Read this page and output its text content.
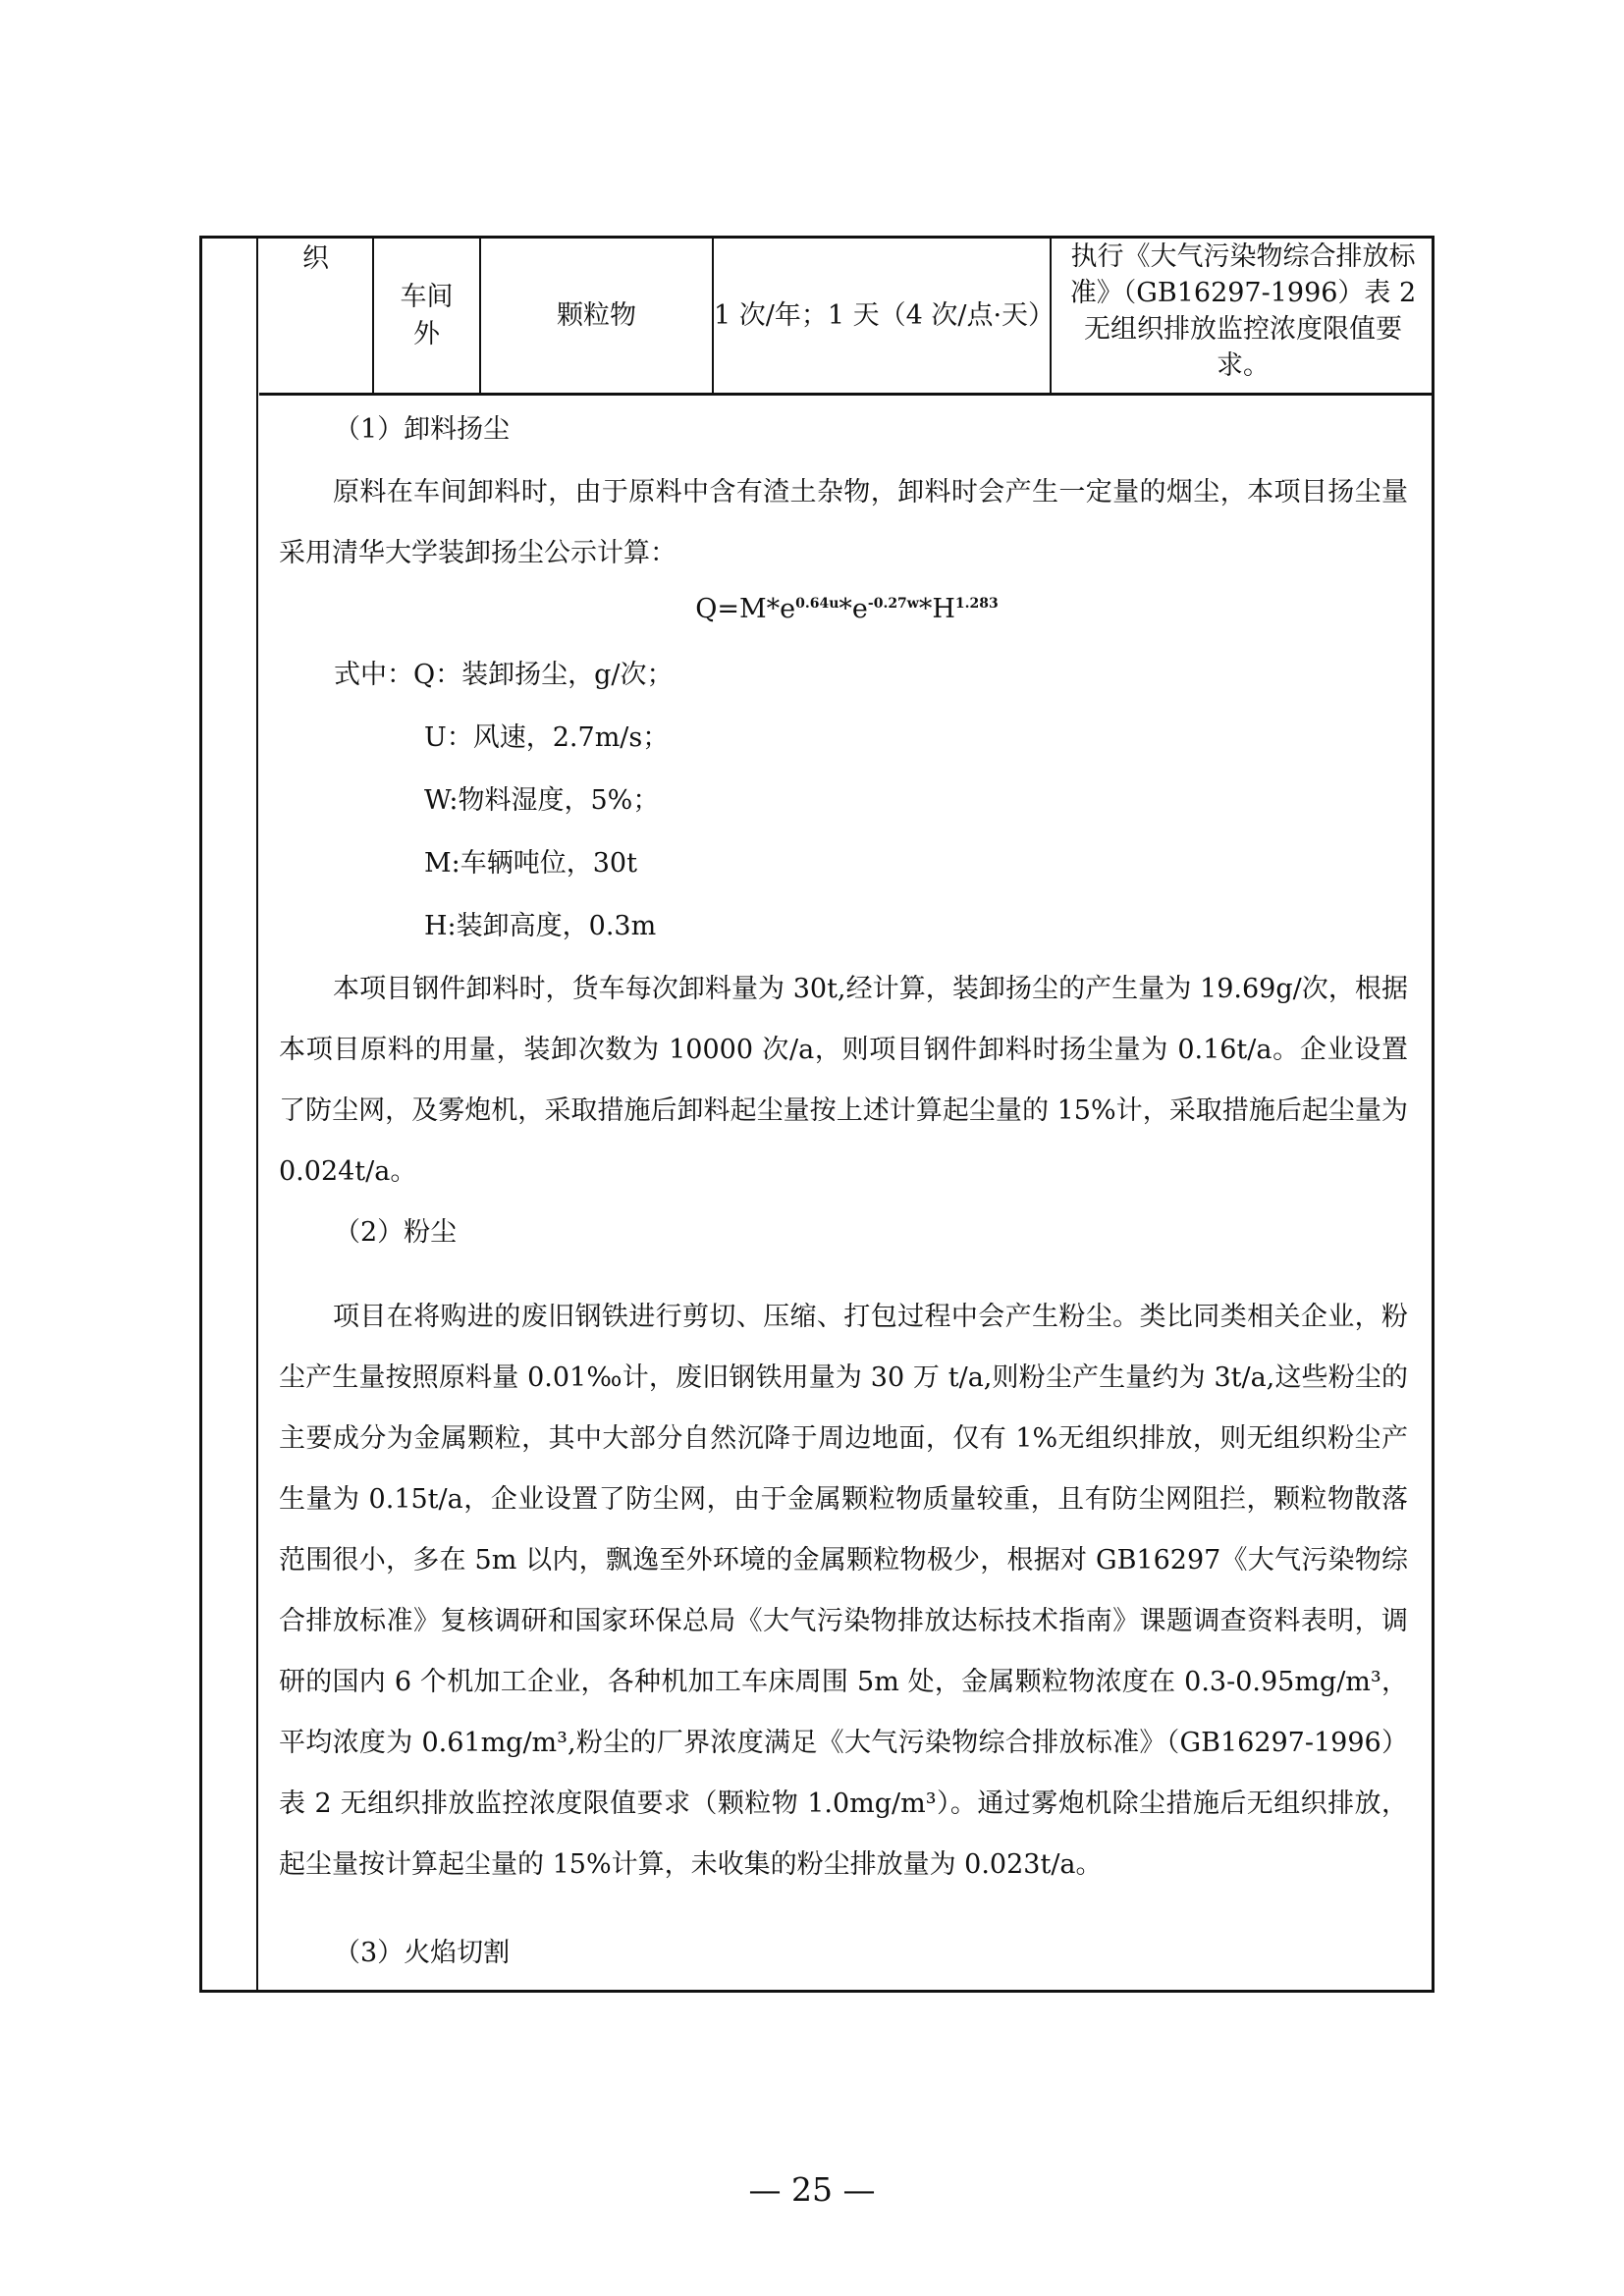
织
车间外
颗粒物	1 次/年；1 天（4 次/点·天）
执行《大气污染物综合排放标准》（GB16297-1996）表 2 无组织排放监控浓度限值要求。
（1）卸料扬尘
原料在车间卸料时，由于原料中含有渣土杂物，卸料时会产生一定量的烟尘，本项目扬尘量采用清华大学装卸扬尘公示计算：
$Q=M*e^{0.64u}*e^{-0.27w}*H^{1.283}$
式中：Q：装卸扬尘，g/次；
U：风速，2.7m/s；
W:物料湿度，5%；
M:车辆吨位，30t
H:装卸高度，0.3m
本项目钢件卸料时，货车每次卸料量为 30t,经计算，装卸扬尘的产生量为 19.69g/次，根据本项目原料的用量，装卸次数为 10000 次/a，则项目钢件卸料时扬尘量为 0.16t/a。企业设置了防尘网，及雾炮机，采取措施后卸料起尘量按上述计算起尘量的 15%计，采取措施后起尘量为 0.024t/a。
（2）粉尘
项目在将购进的废旧钢铁进行剪切、压缩、打包过程中会产生粉尘。类比同类相关企业，粉尘产生量按照原料量 0.01‰计，废旧钢铁用量为 30 万 t/a,则粉尘产生量约为 3t/a,这些粉尘的主要成分为金属颗粒，其中大部分自然沉降于周边地面，仅有 1%无组织排放，则无组织粉尘产生量为 0.15t/a，企业设置了防尘网，由于金属颗粒物质量较重，且有防尘网阻拦，颗粒物散落范围很小，多在 5m 以内，飘逸至外环境的金属颗粒物极少，根据对 GB16297《大气污染物综合排放标准》复核调研和国家环保总局《大气污染物排放达标技术指南》课题调查资料表明，调研的国内 6 个机加工企业，各种机加工车床周围 5m 处，金属颗粒物浓度在 0.3-0.95mg/m³，平均浓度为 0.61mg/m³,粉尘的厂界浓度满足《大气污染物综合排放标准》（GB16297-1996）表 2 无组织排放监控浓度限值要求（颗粒物 1.0mg/m³）。通过雾炮机除尘措施后无组织排放，起尘量按计算起尘量的 15%计算，未收集的粉尘排放量为 0.023t/a。
（3）火焰切割
— 25 —
